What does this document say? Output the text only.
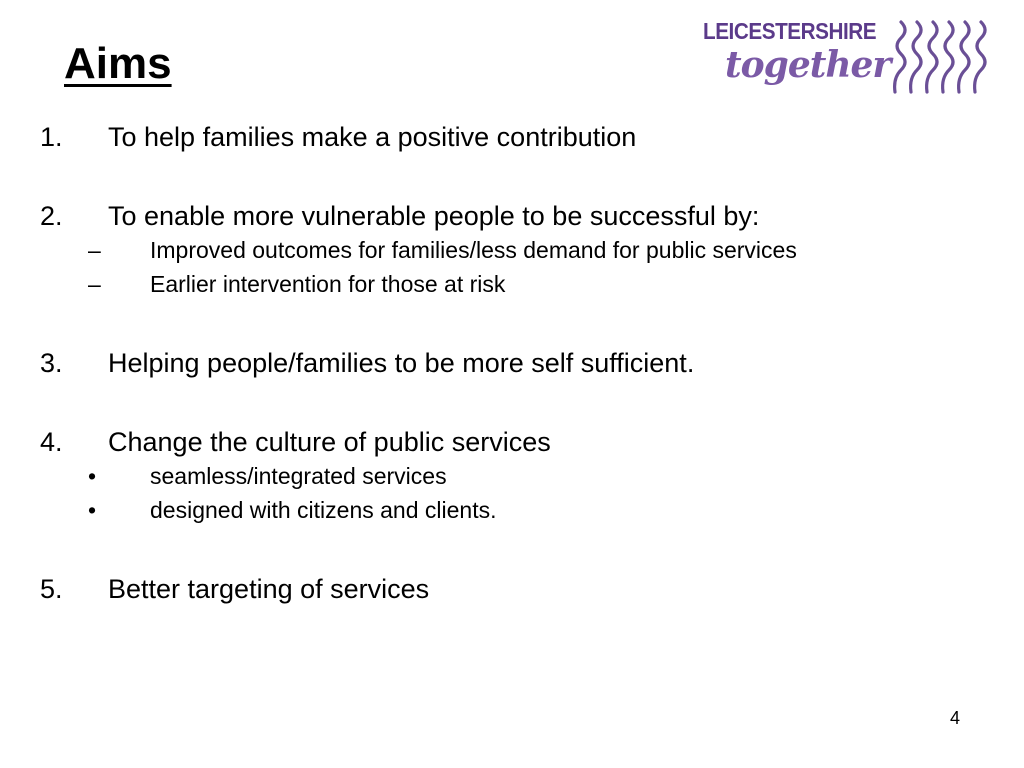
Aims
LEICESTERSHIRE
together
1. To help families make a positive contribution
2. To enable more vulnerable people to be successful by:
– Improved outcomes for families/less demand for public services
– Earlier intervention for those at risk
3. Helping people/families to be more self sufficient.
4. Change the culture of public services
• seamless/integrated services
• designed with citizens and clients.
5. Better targeting of services
4
